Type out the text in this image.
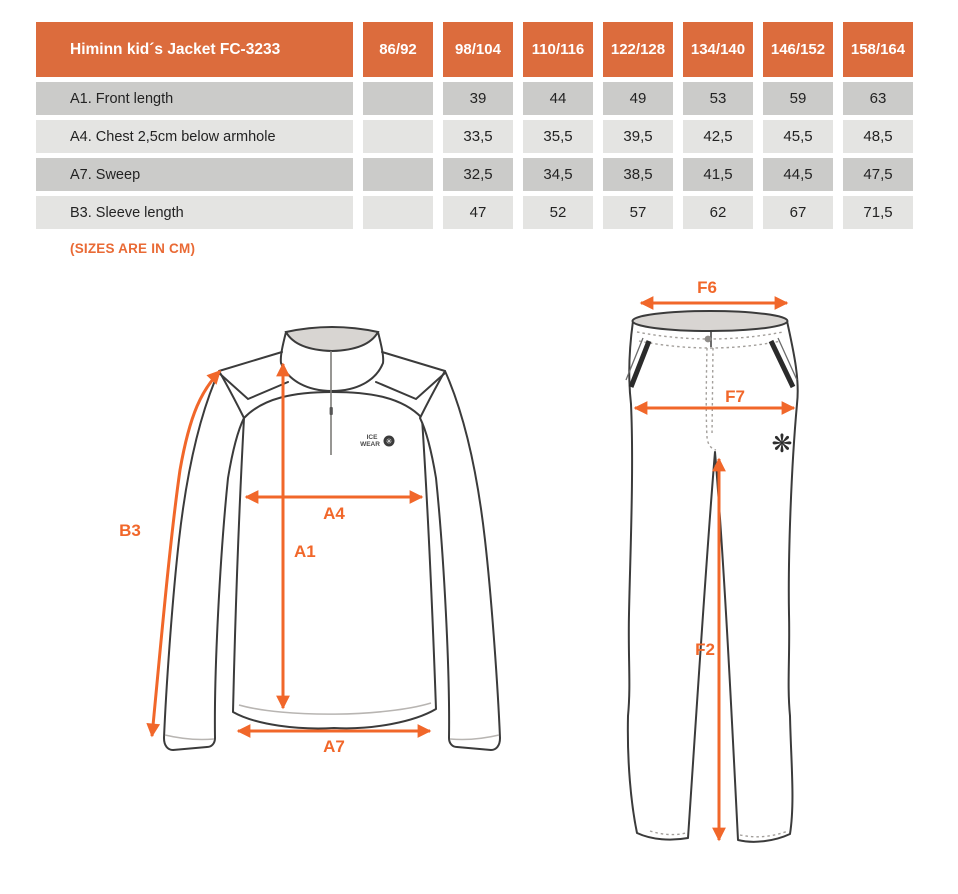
Himinn kid´s Jacket FC-3233	86/92	98/104	110/116	122/128	134/140	146/152	158/164
A1. Front length		39	44	49	53	59	63
A4. Chest 2,5cm below armhole		33,5	35,5	39,5	42,5	45,5	48,5
A7. Sweep		32,5	34,5	38,5	41,5	44,5	47,5
B3. Sleeve length		47	52	57	62	67	71,5
(SIZES ARE IN CM)
ICE
WEAR ✳
B3
A1
A4
A7
❋
F6
F7
F2
